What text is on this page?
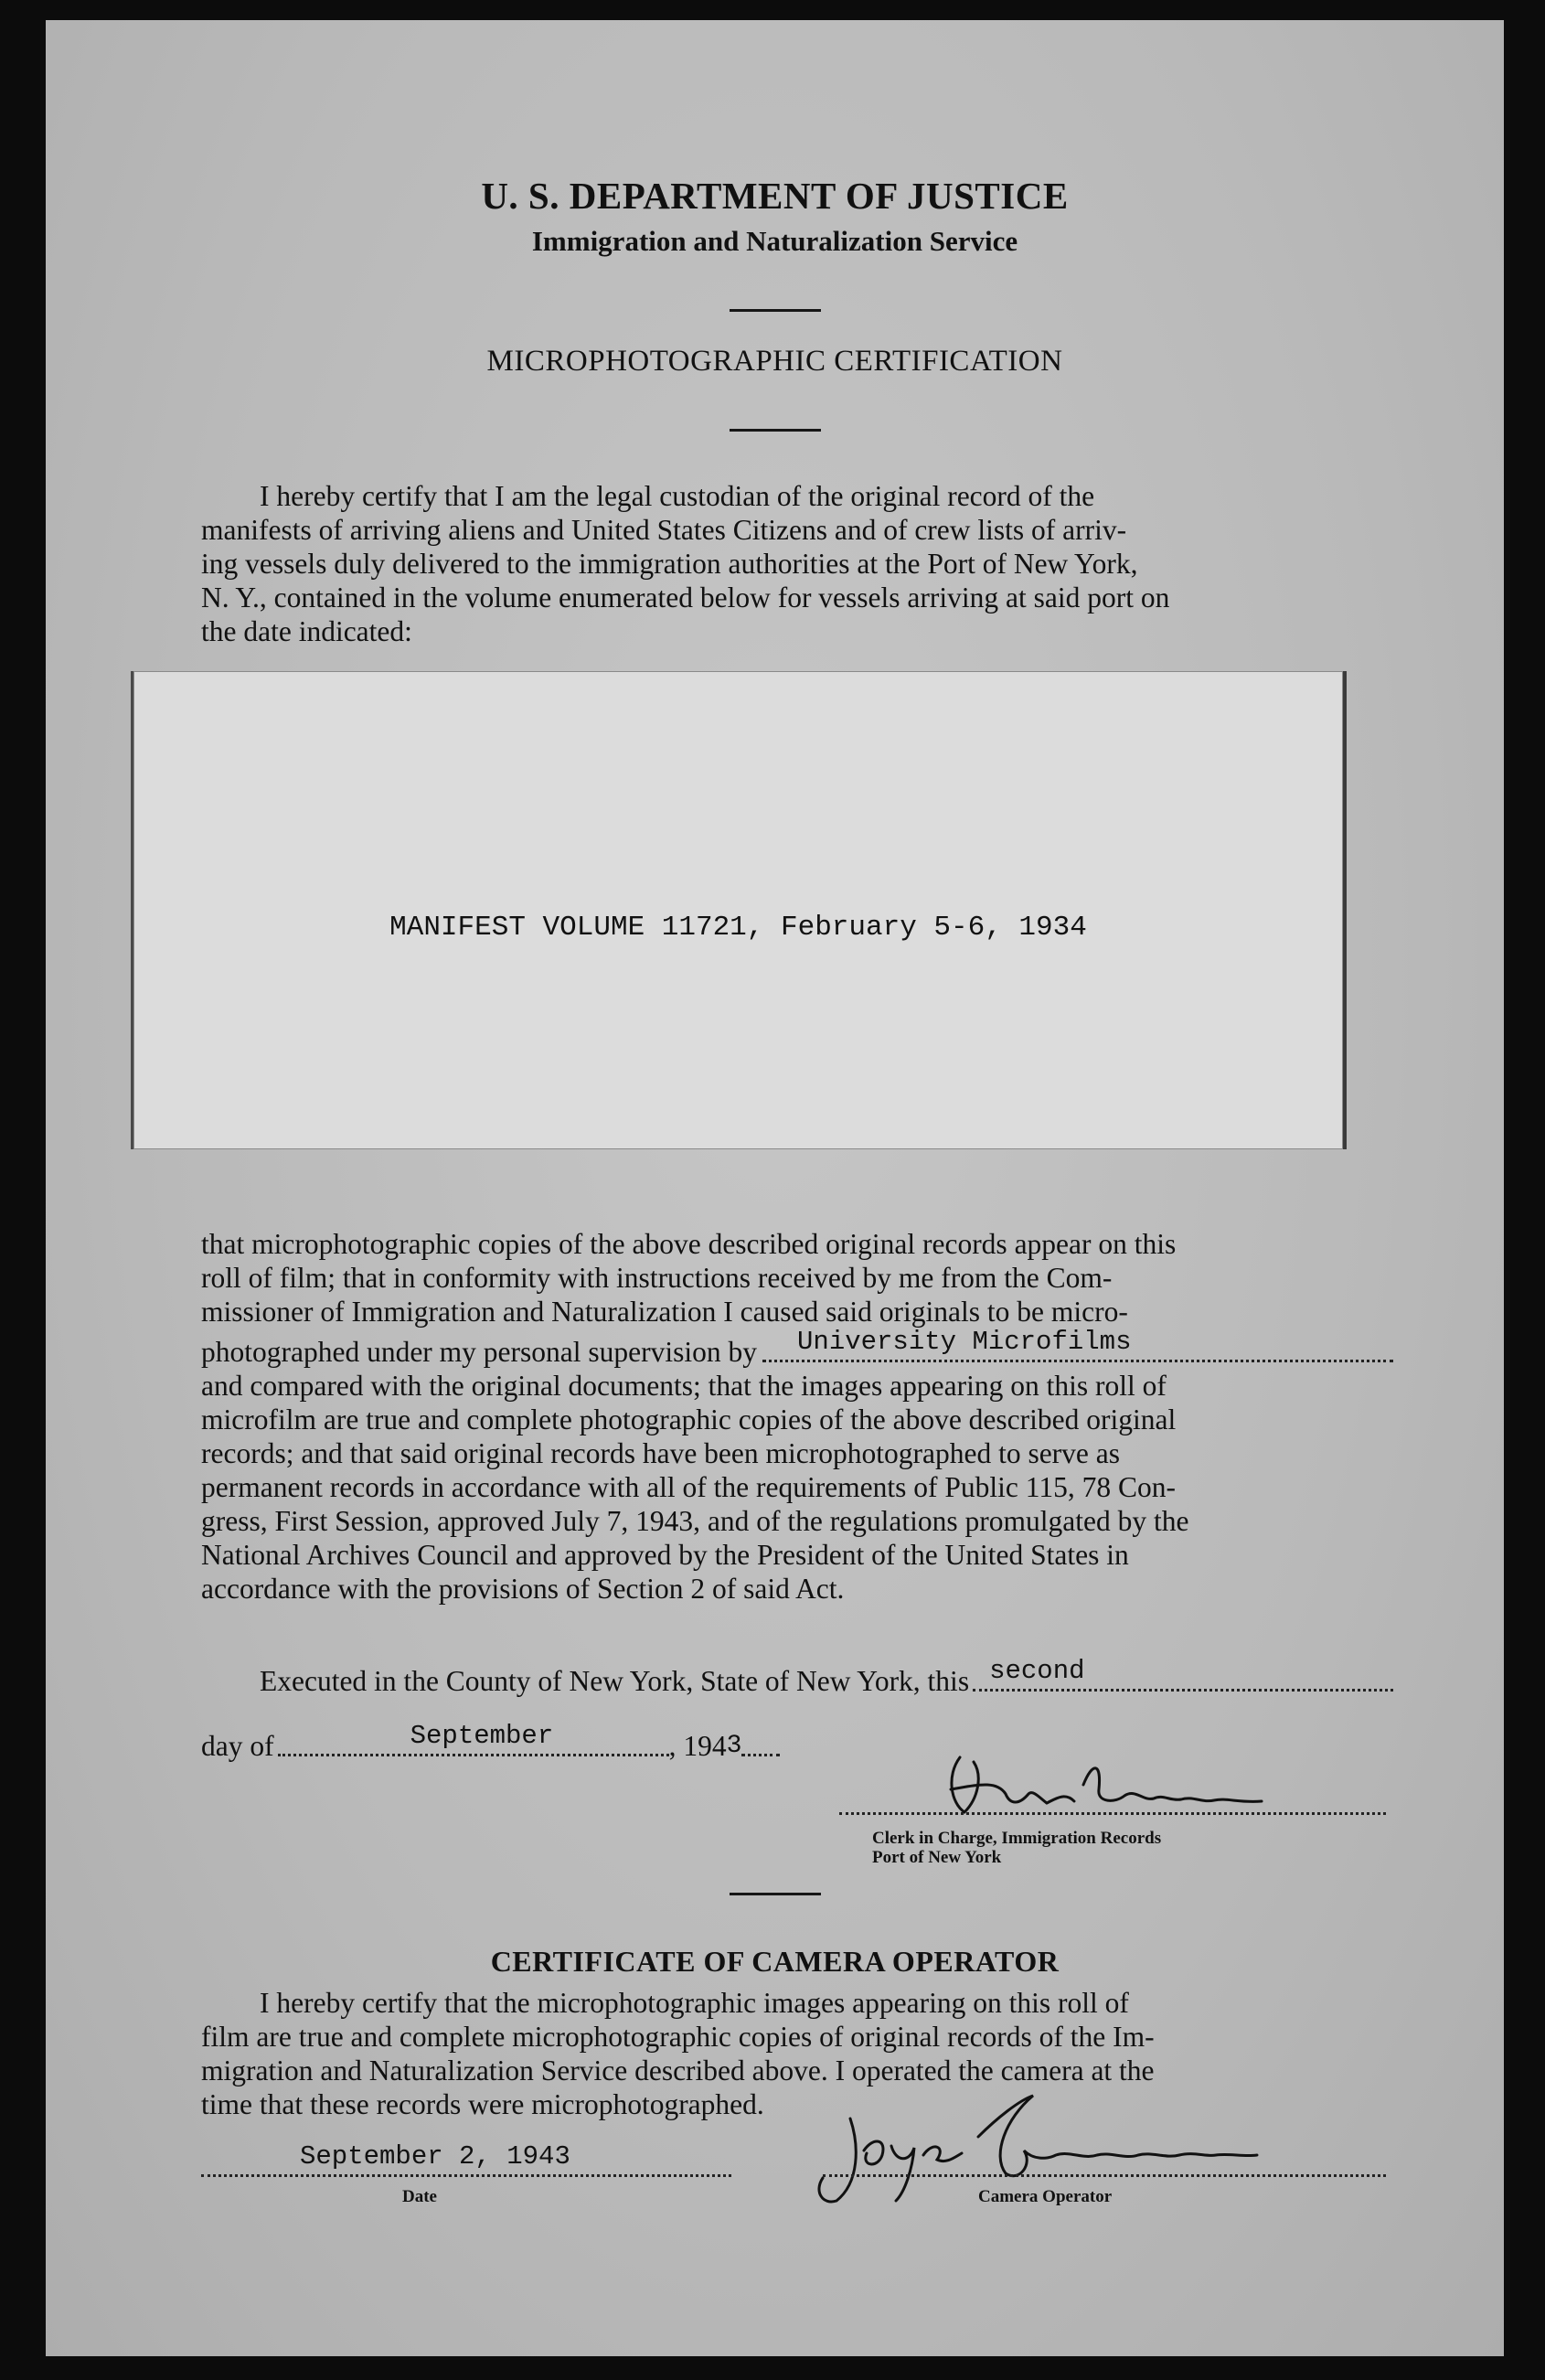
U. S. DEPARTMENT OF JUSTICE
Immigration and Naturalization Service
MICROPHOTOGRAPHIC CERTIFICATION
I hereby certify that I am the legal custodian of the original record of the
manifests of arriving aliens and United States Citizens and of crew lists of arriv-
ing vessels duly delivered to the immigration authorities at the Port of New York,
N. Y., contained in the volume enumerated below for vessels arriving at said port on
the date indicated:
MANIFEST VOLUME 11721, February 5-6, 1934
that microphotographic copies of the above described original records appear on this
roll of film; that in conformity with instructions received by me from the Com-
missioner of Immigration and Naturalization I caused said originals to be micro-
photographed under my personal supervision by University Microfilms
and compared with the original documents; that the images appearing on this roll of
microfilm are true and complete photographic copies of the above described original
records; and that said original records have been microphotographed to serve as
permanent records in accordance with all of the requirements of Public 115, 78 Con-
gress, First Session, approved July 7, 1943, and of the regulations promulgated by the
National Archives Council and approved by the President of the United States in
accordance with the provisions of Section 2 of said Act.
Executed in the County of New York, State of New York, this second
day of	September	, 194 3
Clerk in Charge, Immigration Records
Port of New York
CERTIFICATE OF CAMERA OPERATOR
I hereby certify that the microphotographic images appearing on this roll of
film are true and complete microphotographic copies of original records of the Im-
migration and Naturalization Service described above. I operated the camera at the
time that these records were microphotographed.
September 2, 1943
Date	Camera Operator
